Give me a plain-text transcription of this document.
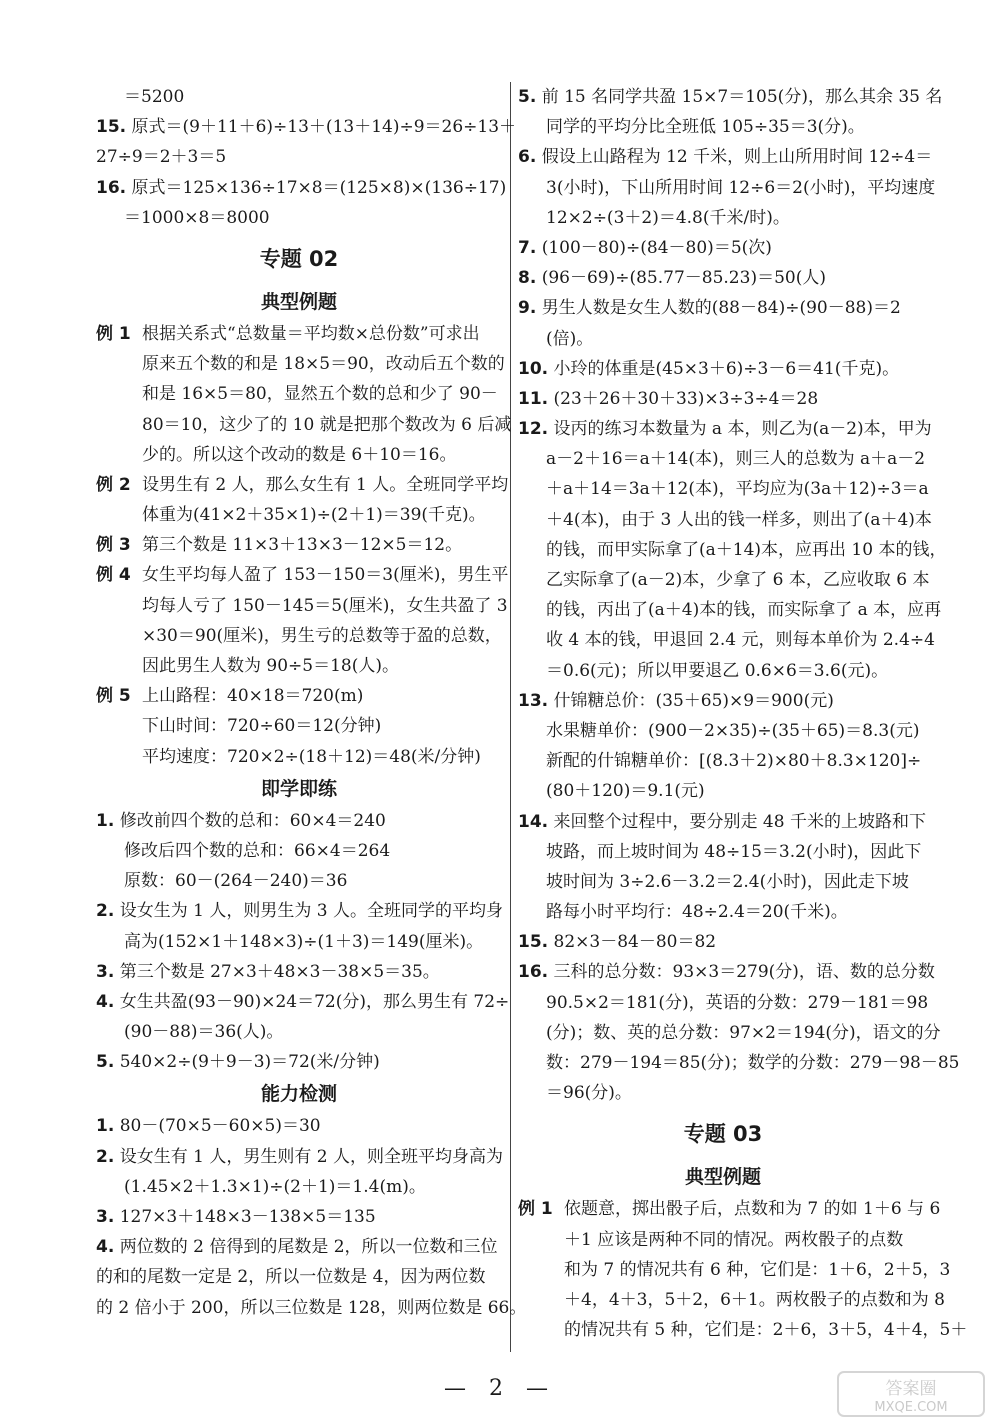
＝5200
15. 原式＝(9＋11＋6)÷13＋(13＋14)÷9＝26÷13＋
27÷9＝2＋3＝5
16. 原式＝125×136÷17×8＝(125×8)×(136÷17)
＝1000×8＝8000
专题 02
典型例题
例 1 根据关系式“总数量＝平均数×总份数”可求出
原来五个数的和是 18×5＝90，改动后五个数的
和是 16×5＝80，显然五个数的总和少了 90－
80＝10，这少了的 10 就是把那个数改为 6 后减
少的。所以这个改动的数是 6＋10＝16。
例 2 设男生有 2 人，那么女生有 1 人。全班同学平均
体重为(41×2＋35×1)÷(2＋1)＝39(千克)。
例 3 第三个数是 11×3＋13×3－12×5＝12。
例 4 女生平均每人盈了 153－150＝3(厘米)，男生平
均每人亏了 150－145＝5(厘米)，女生共盈了 3
×30＝90(厘米)，男生亏的总数等于盈的总数，
因此男生人数为 90÷5＝18(人)。
例 5 上山路程：40×18＝720(m)
下山时间：720÷60＝12(分钟)
平均速度：720×2÷(18＋12)＝48(米/分钟)
即学即练
1. 修改前四个数的总和：60×4＝240
修改后四个数的总和：66×4＝264
原数：60－(264－240)＝36
2. 设女生为 1 人，则男生为 3 人。全班同学的平均身
高为(152×1＋148×3)÷(1＋3)＝149(厘米)。
3. 第三个数是 27×3＋48×3－38×5＝35。
4. 女生共盈(93－90)×24＝72(分)，那么男生有 72÷
(90－88)＝36(人)。
5. 540×2÷(9＋9－3)＝72(米/分钟)
能力检测
1. 80－(70×5－60×5)＝30
2. 设女生有 1 人，男生则有 2 人，则全班平均身高为
(1.45×2＋1.3×1)÷(2＋1)＝1.4(m)。
3. 127×3＋148×3－138×5＝135
4. 两位数的 2 倍得到的尾数是 2，所以一位数和三位
的和的尾数一定是 2，所以一位数是 4，因为两位数
的 2 倍小于 200，所以三位数是 128，则两位数是 66。
5. 前 15 名同学共盈 15×7＝105(分)，那么其余 35 名
同学的平均分比全班低 105÷35＝3(分)。
6. 假设上山路程为 12 千米，则上山所用时间 12÷4＝
3(小时)，下山所用时间 12÷6＝2(小时)，平均速度
12×2÷(3＋2)＝4.8(千米/时)。
7. (100－80)÷(84－80)＝5(次)
8. (96－69)÷(85.77－85.23)＝50(人)
9. 男生人数是女生人数的(88－84)÷(90－88)＝2
(倍)。
10. 小玲的体重是(45×3＋6)÷3－6＝41(千克)。
11. (23＋26＋30＋33)×3÷3÷4＝28
12. 设丙的练习本数量为 a 本，则乙为(a－2)本，甲为
a－2＋16＝a＋14(本)，则三人的总数为 a＋a－2
＋a＋14＝3a＋12(本)，平均应为(3a＋12)÷3＝a
＋4(本)，由于 3 人出的钱一样多，则出了(a＋4)本
的钱，而甲实际拿了(a＋14)本，应再出 10 本的钱，
乙实际拿了(a－2)本，少拿了 6 本，乙应收取 6 本
的钱，丙出了(a＋4)本的钱，而实际拿了 a 本，应再
收 4 本的钱，甲退回 2.4 元，则每本单价为 2.4÷4
＝0.6(元)；所以甲要退乙 0.6×6＝3.6(元)。
13. 什锦糖总价：(35＋65)×9＝900(元)
水果糖单价：(900－2×35)÷(35＋65)＝8.3(元)
新配的什锦糖单价：[(8.3＋2)×80＋8.3×120]÷
(80＋120)＝9.1(元)
14. 来回整个过程中，要分别走 48 千米的上坡路和下
坡路，而上坡时间为 48÷15＝3.2(小时)，因此下
坡时间为 3÷2.6－3.2＝2.4(小时)，因此走下坡
路每小时平均行：48÷2.4＝20(千米)。
15. 82×3－84－80＝82
16. 三科的总分数：93×3＝279(分)，语、数的总分数
90.5×2＝181(分)，英语的分数：279－181＝98
(分)；数、英的总分数：97×2＝194(分)，语文的分
数：279－194＝85(分)；数学的分数：279－98－85
＝96(分)。
专题 03
典型例题
例 1 依题意，掷出骰子后，点数和为 7 的如 1＋6 与 6
＋1 应该是两种不同的情况。两枚骰子的点数
和为 7 的情况共有 6 种，它们是：1＋6，2＋5，3
＋4，4＋3，5＋2，6＋1。两枚骰子的点数和为 8
的情况共有 5 种，它们是：2＋6，3＋5，4＋4，5＋
— 2 —	答案圈
MXQE.COM
